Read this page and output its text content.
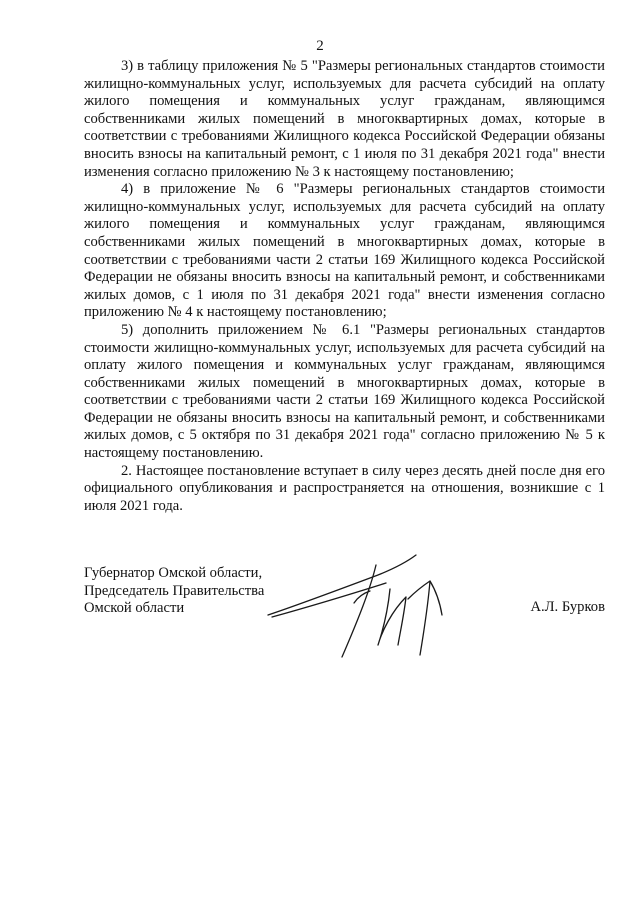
2

3) в таблицу приложения № 5 "Размеры региональных стандартов стоимости жилищно-коммунальных услуг, используемых для расчета субсидий на оплату жилого помещения и коммунальных услуг гражданам, являющимся собственниками жилых помещений в многоквартирных домах, которые в соответствии с требованиями Жилищного кодекса Российской Федерации обязаны вносить взносы на капитальный ремонт, с 1 июля по 31 декабря 2021 года" внести изменения согласно приложению № 3 к настоящему постановлению;

4) в приложение № 6 "Размеры региональных стандартов стоимости жилищно-коммунальных услуг, используемых для расчета субсидий на оплату жилого помещения и коммунальных услуг гражданам, являющимся собственниками жилых помещений в многоквартирных домах, которые в соответствии с требованиями части 2 статьи 169 Жилищного кодекса Российской Федерации не обязаны вносить взносы на капитальный ремонт, и собственниками жилых домов, с 1 июля по 31 декабря 2021 года" внести изменения согласно приложению № 4 к настоящему постановлению;

5) дополнить приложением № 6.1 "Размеры региональных стандартов стоимости жилищно-коммунальных услуг, используемых для расчета субсидий на оплату жилого помещения и коммунальных услуг гражданам, являющимся собственниками жилых помещений в многоквартирных домах, которые в соответствии с требованиями части 2 статьи 169 Жилищного кодекса Российской Федерации не обязаны вносить взносы на капитальный ремонт, и собственниками жилых домов, с 5 октября по 31 декабря 2021 года" согласно приложению № 5 к настоящему постановлению.

2. Настоящее постановление вступает в силу через десять дней после дня его официального опубликования и распространяется на отношения, возникшие с 1 июля 2021 года.

Губернатор Омской области,
Председатель Правительства
Омской области	А.Л. Бурков
